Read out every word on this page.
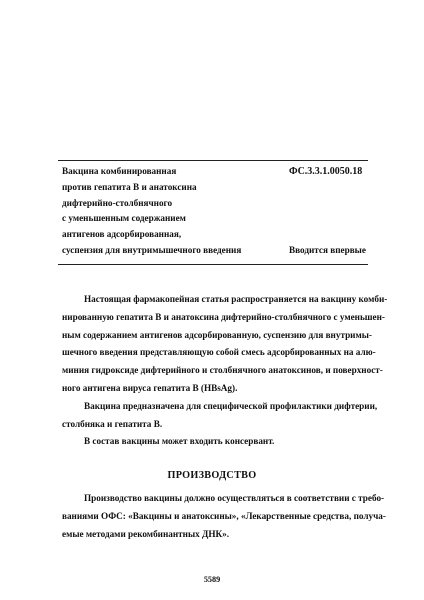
Вакцина комбинированная
против гепатита В и анатоксина
дифтерийно-столбнячного
с уменьшенным содержанием
антигенов адсорбированная,
суспензия для внутримышечного введения
ФС.3.3.1.0050.18
Вводится впервые
Настоящая фармакопейная статья распространяется на вакцину комби-
нированную гепатита В и анатоксина дифтерийно-столбнячного с уменьшен-
ным содержанием антигенов адсорбированную, суспензию для внутримы-
шечного введения представляющую собой смесь адсорбированных на алю-
миния гидроксиде дифтерийного и столбнячного анатоксинов, и поверхност-
ного антигена вируса гепатита В (HBsAg).
Вакцина предназначена для специфической профилактики дифтерии,
столбняка и гепатита В.
В состав вакцины может входить консервант.
ПРОИЗВОДСТВО
Производство вакцины должно осуществляться в соответствии с требо-
ваниями ОФС: «Вакцины и анатоксины», «Лекарственные средства, получа-
емые методами рекомбинантных ДНК».
5589
